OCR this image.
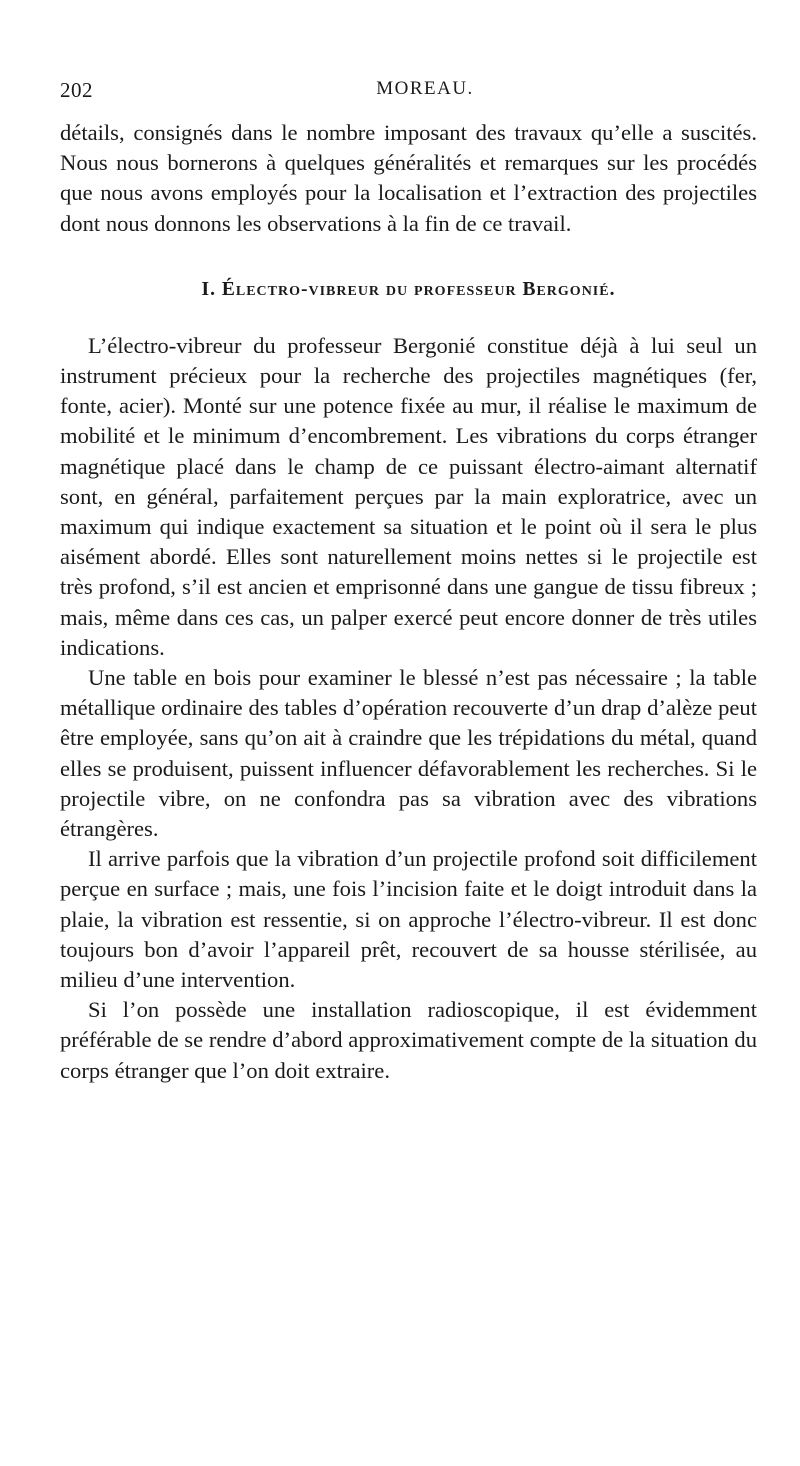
202	MOREAU.

détails, consignés dans le nombre imposant des travaux qu’elle a suscités. Nous nous bornerons à quelques généralités et remarques sur les procédés que nous avons employés pour la localisation et l’extraction des projectiles dont nous donnons les observations à la fin de ce travail.

I. Électro-vibreur du professeur Bergonié.

L’électro-vibreur du professeur Bergonié constitue déjà à lui seul un instrument précieux pour la recherche des projectiles magnétiques (fer, fonte, acier). Monté sur une potence fixée au mur, il réalise le maximum de mobilité et le minimum d’encombrement. Les vibrations du corps étranger magnétique placé dans le champ de ce puissant électro-aimant alternatif sont, en général, parfaitement perçues par la main exploratrice, avec un maximum qui indique exactement sa situation et le point où il sera le plus aisément abordé. Elles sont naturellement moins nettes si le projectile est très profond, s’il est ancien et emprisonné dans une gangue de tissu fibreux ; mais, même dans ces cas, un palper exercé peut encore donner de très utiles indications.

Une table en bois pour examiner le blessé n’est pas nécessaire ; la table métallique ordinaire des tables d’opération recouverte d’un drap d’alèze peut être employée, sans qu’on ait à craindre que les trépidations du métal, quand elles se produisent, puissent influencer défavorablement les recherches. Si le projectile vibre, on ne confondra pas sa vibration avec des vibrations étrangères.

Il arrive parfois que la vibration d’un projectile profond soit difficilement perçue en surface ; mais, une fois l’incision faite et le doigt introduit dans la plaie, la vibration est ressentie, si on approche l’électro-vibreur. Il est donc toujours bon d’avoir l’appareil prêt, recouvert de sa housse stérilisée, au milieu d’une intervention.

Si l’on possède une installation radioscopique, il est évidemment préférable de se rendre d’abord approximativement compte de la situation du corps étranger que l’on doit extraire.
